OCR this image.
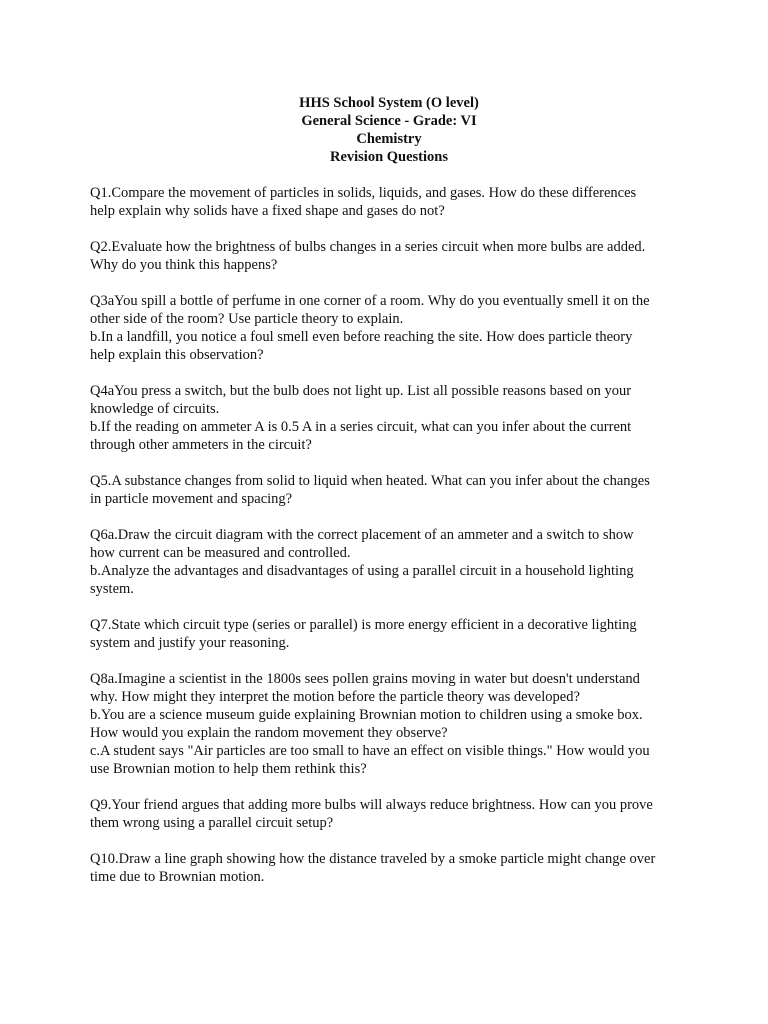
HHS School System (O level)
General Science - Grade: VI
Chemistry
Revision Questions
Q1.Compare the movement of particles in solids, liquids, and gases. How do these differences
help explain why solids have a fixed shape and gases do not?
Q2.Evaluate how the brightness of bulbs changes in a series circuit when more bulbs are added.
Why do you think this happens?
Q3aYou spill a bottle of perfume in one corner of a room. Why do you eventually smell it on the
other side of the room? Use particle theory to explain.
b.In a landfill, you notice a foul smell even before reaching the site. How does particle theory
help explain this observation?
Q4aYou press a switch, but the bulb does not light up. List all possible reasons based on your
knowledge of circuits.
b.If the reading on ammeter A is 0.5 A in a series circuit, what can you infer about the current
through other ammeters in the circuit?
Q5.A substance changes from solid to liquid when heated. What can you infer about the changes
in particle movement and spacing?
Q6a.Draw the circuit diagram with the correct placement of an ammeter and a switch to show
how current can be measured and controlled.
b.Analyze the advantages and disadvantages of using a parallel circuit in a household lighting
system.
Q7.State which circuit type (series or parallel) is more energy efficient in a decorative lighting
system and justify your reasoning.
Q8a.Imagine a scientist in the 1800s sees pollen grains moving in water but doesn't understand
why. How might they interpret the motion before the particle theory was developed?
b.You are a science museum guide explaining Brownian motion to children using a smoke box.
How would you explain the random movement they observe?
c.A student says "Air particles are too small to have an effect on visible things." How would you
use Brownian motion to help them rethink this?
Q9.Your friend argues that adding more bulbs will always reduce brightness. How can you prove
them wrong using a parallel circuit setup?
Q10.Draw a line graph showing how the distance traveled by a smoke particle might change over
time due to Brownian motion.
